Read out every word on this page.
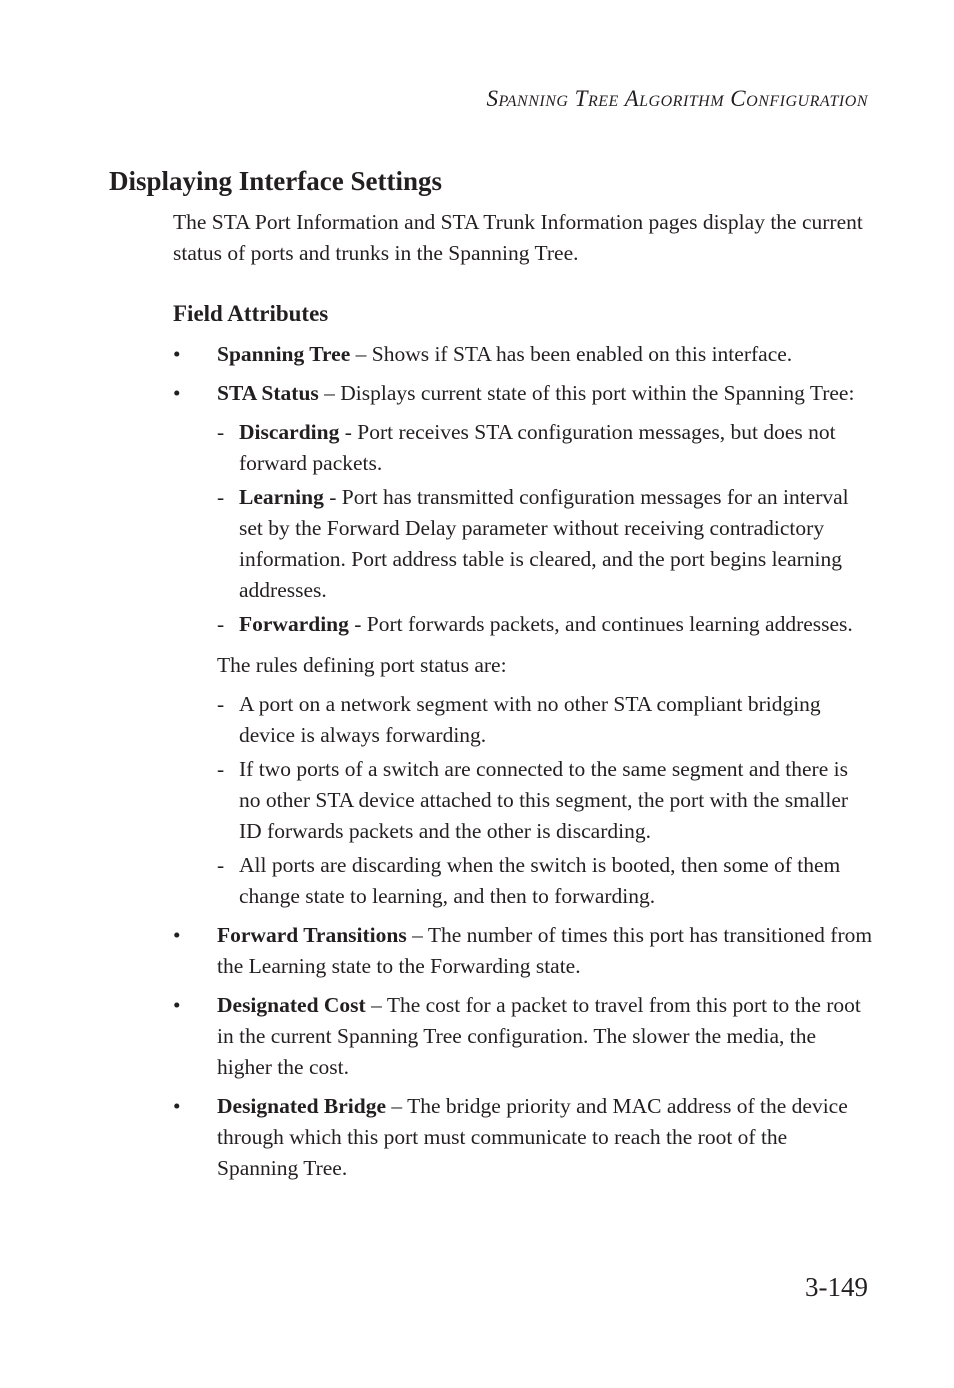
Spanning Tree Algorithm Configuration
Displaying Interface Settings

The STA Port Information and STA Trunk Information pages display the current status of ports and trunks in the Spanning Tree.

Field Attributes
• Spanning Tree – Shows if STA has been enabled on this interface.
• STA Status – Displays current state of this port within the Spanning Tree:
- Discarding - Port receives STA configuration messages, but does not forward packets.
- Learning - Port has transmitted configuration messages for an interval set by the Forward Delay parameter without receiving contradictory information. Port address table is cleared, and the port begins learning addresses.
- Forwarding - Port forwards packets, and continues learning addresses.
The rules defining port status are:
- A port on a network segment with no other STA compliant bridging device is always forwarding.
- If two ports of a switch are connected to the same segment and there is no other STA device attached to this segment, the port with the smaller ID forwards packets and the other is discarding.
- All ports are discarding when the switch is booted, then some of them change state to learning, and then to forwarding.
• Forward Transitions – The number of times this port has transitioned from the Learning state to the Forwarding state.
• Designated Cost – The cost for a packet to travel from this port to the root in the current Spanning Tree configuration. The slower the media, the higher the cost.
• Designated Bridge – The bridge priority and MAC address of the device through which this port must communicate to reach the root of the Spanning Tree.
3-149
